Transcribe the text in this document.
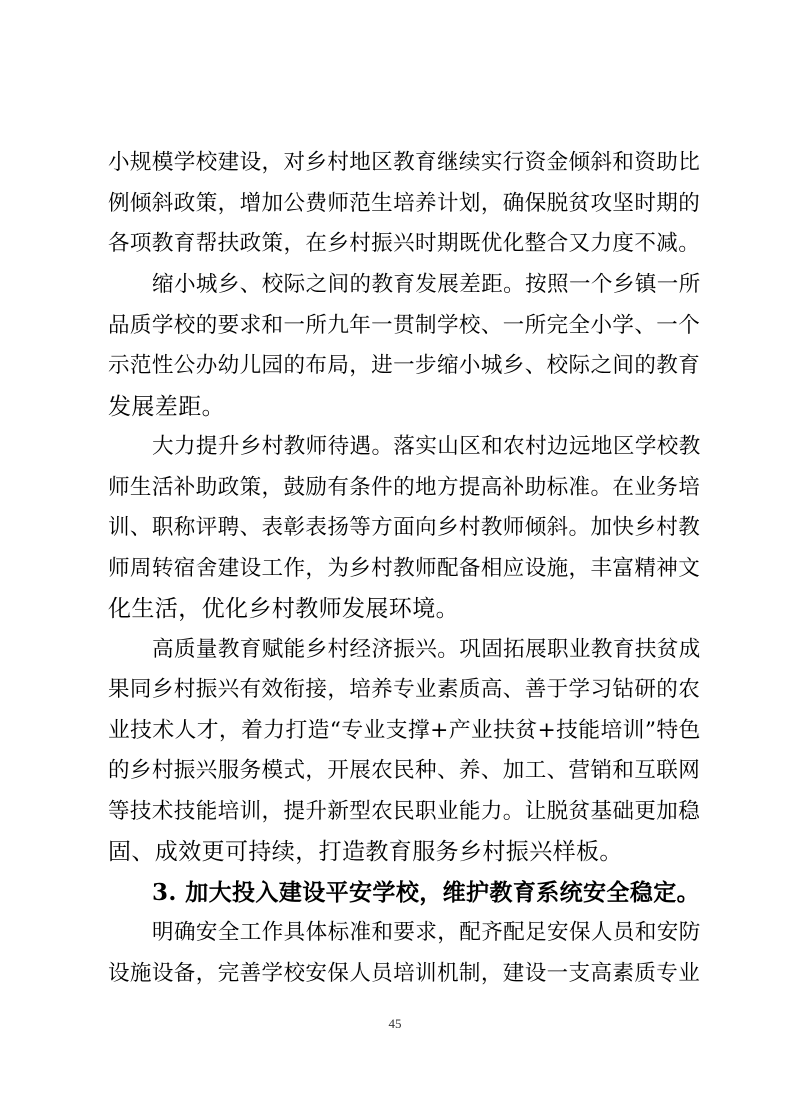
小规模学校建设，对乡村地区教育继续实行资金倾斜和资助比
例倾斜政策，增加公费师范生培养计划，确保脱贫攻坚时期的
各项教育帮扶政策，在乡村振兴时期既优化整合又力度不减。
缩小城乡、校际之间的教育发展差距。按照一个乡镇一所
品质学校的要求和一所九年一贯制学校、一所完全小学、一个
示范性公办幼儿园的布局，进一步缩小城乡、校际之间的教育
发展差距。
大力提升乡村教师待遇。落实山区和农村边远地区学校教
师生活补助政策，鼓励有条件的地方提高补助标准。在业务培
训、职称评聘、表彰表扬等方面向乡村教师倾斜。加快乡村教
师周转宿舍建设工作，为乡村教师配备相应设施，丰富精神文
化生活，优化乡村教师发展环境。
高质量教育赋能乡村经济振兴。巩固拓展职业教育扶贫成
果同乡村振兴有效衔接，培养专业素质高、善于学习钻研的农
业技术人才，着力打造“专业支撑+产业扶贫+技能培训”特色
的乡村振兴服务模式，开展农民种、养、加工、营销和互联网
等技术技能培训，提升新型农民职业能力。让脱贫基础更加稳
固、成效更可持续，打造教育服务乡村振兴样板。
3. 加大投入建设平安学校，维护教育系统安全稳定。
明确安全工作具体标准和要求，配齐配足安保人员和安防
设施设备，完善学校安保人员培训机制，建设一支高素质专业
45
